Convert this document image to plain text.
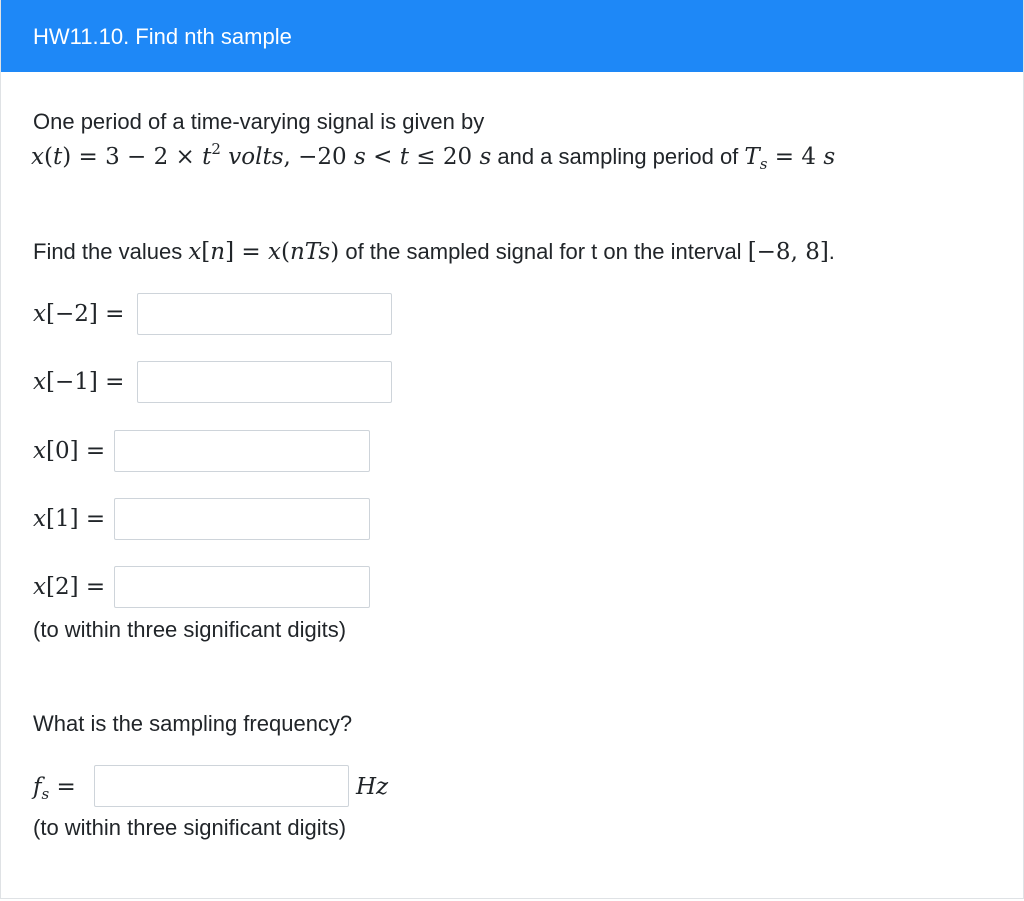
HW11.10. Find nth sample
One period of a time-varying signal is given by
$x(t) = 3 - 2 \times t^2$ volts, −20 s < t ≤ 20 s and a sampling period of $T_s = 4$ s
Find the values x[n] = x(nTs) of the sampled signal for t on the interval [−8, 8].
x[−2] =
x[−1] =
x[0] =
x[1] =
x[2] =
(to within three significant digits)
What is the sampling frequency?
$f_s$ =	Hz
(to within three significant digits)
